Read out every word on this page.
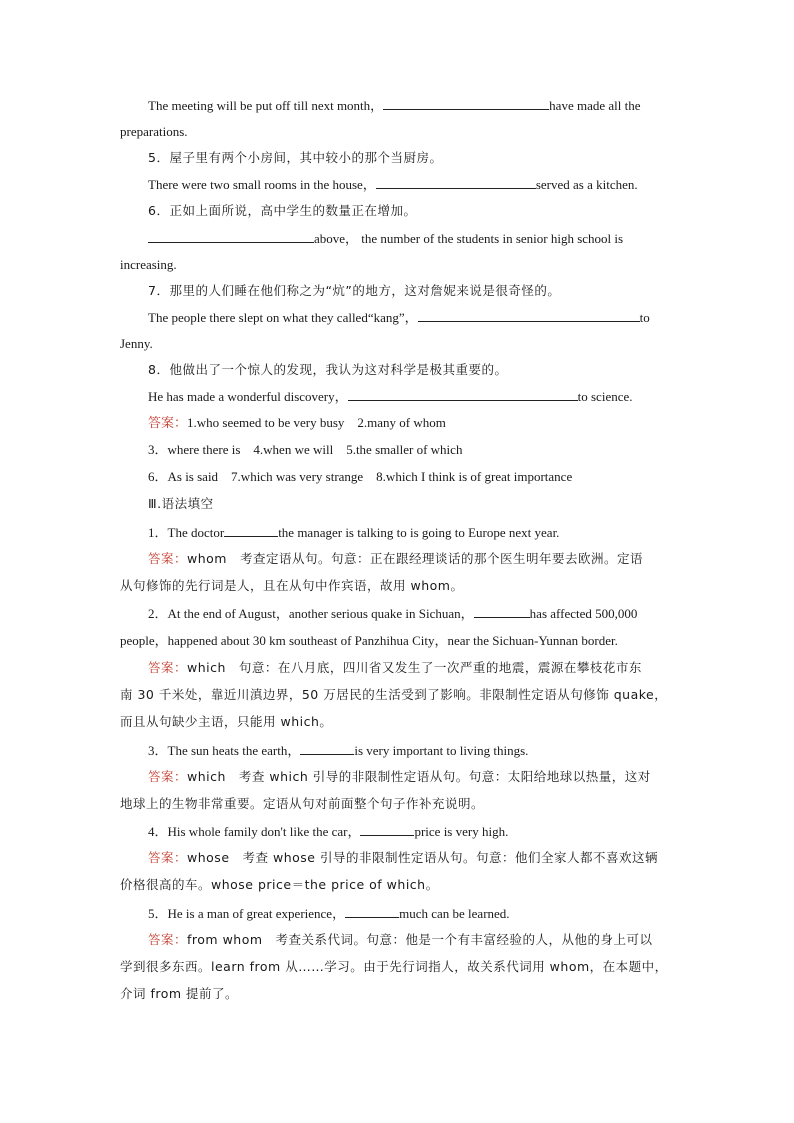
The meeting will be put off till next month，	have made all the
preparations.
5．屋子里有两个小房间，其中较小的那个当厨房。
There were two small rooms in the house，	served as a kitchen.
6．正如上面所说，高中学生的数量正在增加。
above， the number of the students in senior high school is
increasing.
7．那里的人们睡在他们称之为“炕”的地方，这对詹妮来说是很奇怪的。
The people there slept on what they called“kang”，	to
Jenny.
8．他做出了一个惊人的发现，我认为这对科学是极其重要的。
He has made a wonderful discovery，	to science.
答案：1.who seemed to be very busy　2.many of whom
3．where there is　4.when we will　5.the smaller of which
6．As is said　7.which was very strange　8.which I think is of great importance
Ⅲ.语法填空
1．The doctor	the manager is talking to is going to Europe next year.
答案：whom　考查定语从句。句意：正在跟经理谈话的那个医生明年要去欧洲。定语
从句修饰的先行词是人，且在从句中作宾语，故用 whom。
2．At the end of August，another serious quake in Sichuan，	has affected 500,000
people，happened about 30 km southeast of Panzhihua City，near the Sichuan-Yunnan border.
答案：which　句意：在八月底，四川省又发生了一次严重的地震，震源在攀枝花市东
南 30 千米处，靠近川滇边界，50 万居民的生活受到了影响。非限制性定语从句修饰 quake，
而且从句缺少主语，只能用 which。
3．The sun heats the earth，	is very important to living things.
答案：which　考查 which 引导的非限制性定语从句。句意：太阳给地球以热量，这对
地球上的生物非常重要。定语从句对前面整个句子作补充说明。
4．His whole family don't like the car，	price is very high.
答案：whose　考查 whose 引导的非限制性定语从句。句意：他们全家人都不喜欢这辆
价格很高的车。whose price＝the price of which。
5．He is a man of great experience，	much can be learned.
答案：from whom　考查关系代词。句意：他是一个有丰富经验的人，从他的身上可以
学到很多东西。learn from 从……学习。由于先行词指人，故关系代词用 whom，在本题中，
介词 from 提前了。
